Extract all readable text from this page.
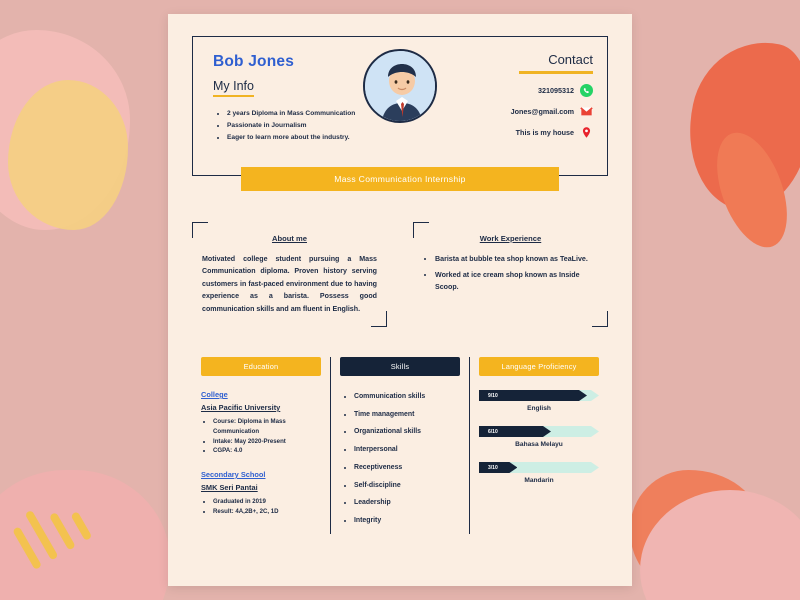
Bob Jones
My Info
• 2 years Diploma in Mass Communication
• Passionate in Journalism
• Eager to learn more about the industry.
Contact
321095312
Jones@gmail.com
This is my house
Mass Communication Internship
About me
Motivated college student pursuing a Mass Communication diploma. Proven history serving customers in fast-paced environment due to having experience as a barista. Possess good communication skills and am fluent in English.
Work Experience
• Barista at bubble tea shop known as TeaLive.
• Worked at ice cream shop known as Inside Scoop.
Education
College
Asia Pacific University
• Course: Diploma in Mass Communication
• Intake: May 2020-Present
• CGPA: 4.0
Secondary School
SMK Seri Pantai
• Graduated in 2019
• Result: 4A,2B+, 2C, 1D
Skills
• Communication skills
• Time management
• Organizational skills
• Interpersonal
• Receptiveness
• Self-discipline
• Leadership
• Integrity
Language Proficiency
9/10
English
6/10
Bahasa Melayu
3/10
Mandarin
